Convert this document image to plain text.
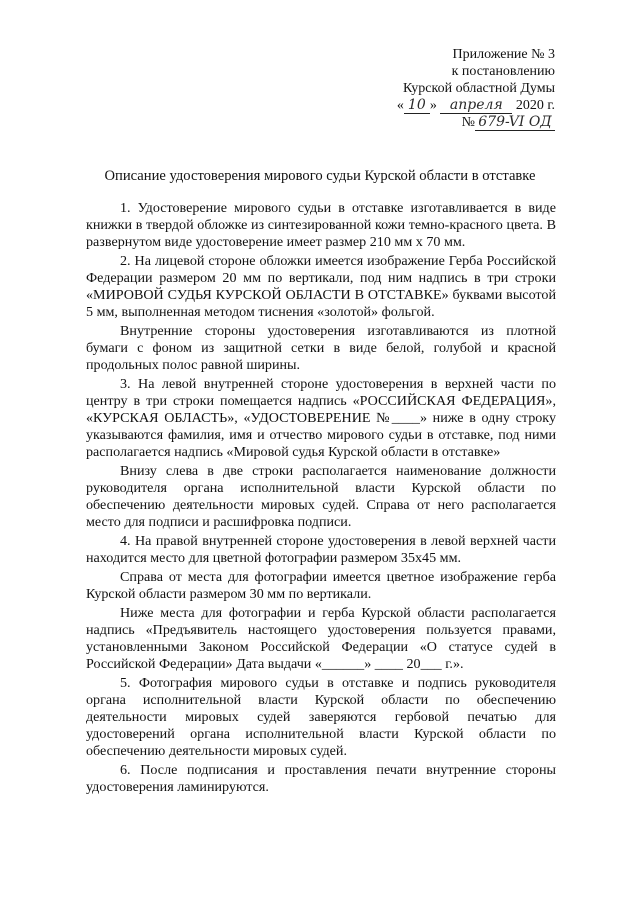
Приложение № 3
к постановлению
Курской областной Думы
« 10 » апреля 2020 г.
№ 679-VI ОД
Описание удостоверения мирового судьи Курской области в отставке

1. Удостоверение мирового судьи в отставке изготавливается в виде книжки в твердой обложке из синтезированной кожи темно-красного цвета. В развернутом виде удостоверение имеет размер 210 мм х 70 мм.

2. На лицевой стороне обложки имеется изображение Герба Российской Федерации размером 20 мм по вертикали, под ним надпись в три строки «МИРОВОЙ СУДЬЯ КУРСКОЙ ОБЛАСТИ В ОТСТАВКЕ» буквами высотой 5 мм, выполненная методом тиснения «золотой» фольгой.

Внутренние стороны удостоверения изготавливаются из плотной бумаги с фоном из защитной сетки в виде белой, голубой и красной продольных полос равной ширины.

3. На левой внутренней стороне удостоверения в верхней части по центру в три строки помещается надпись «РОССИЙСКАЯ ФЕДЕРАЦИЯ», «КУРСКАЯ ОБЛАСТЬ», «УДОСТОВЕРЕНИЕ №____» ниже в одну строку указываются фамилия, имя и отчество мирового судьи в отставке, под ними располагается надпись «Мировой судья Курской области в отставке»

Внизу слева в две строки располагается наименование должности руководителя органа исполнительной власти Курской области по обеспечению деятельности мировых судей. Справа от него располагается место для подписи и расшифровка подписи.

4. На правой внутренней стороне удостоверения в левой верхней части находится место для цветной фотографии размером 35х45 мм.

Справа от места для фотографии имеется цветное изображение герба Курской области размером 30 мм по вертикали.

Ниже места для фотографии и герба Курской области располагается надпись «Предъявитель настоящего удостоверения пользуется правами, установленными Законом Российской Федерации «О статусе судей в Российской Федерации» Дата выдачи «______» ____ 20___ г.».

5. Фотография мирового судьи в отставке и подпись руководителя органа исполнительной власти Курской области по обеспечению деятельности мировых судей заверяются гербовой печатью для удостоверений органа исполнительной власти Курской области по обеспечению деятельности мировых судей.

6. После подписания и проставления печати внутренние стороны удостоверения ламинируются.
